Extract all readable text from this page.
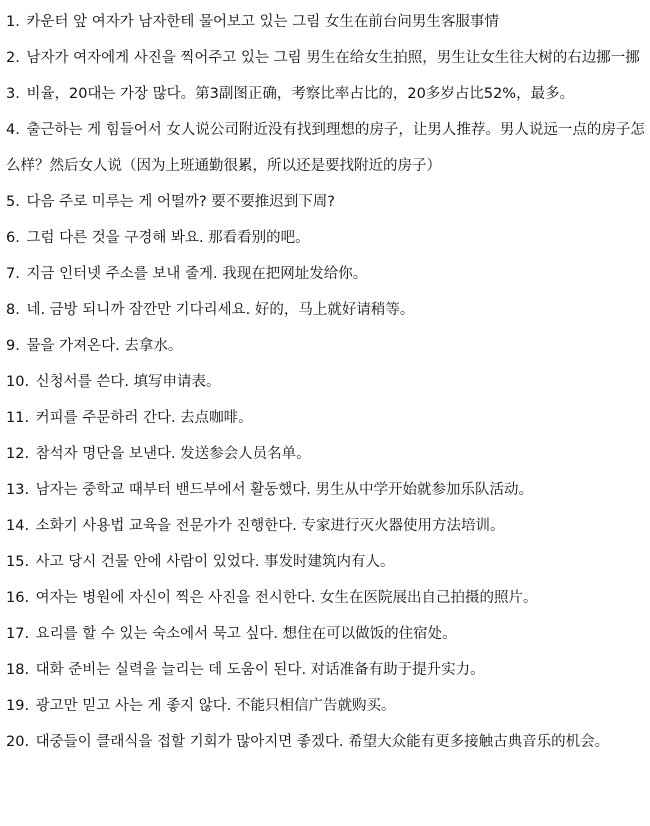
1. 카운터 앞 여자가 남자한테 물어보고 있는 그림 女生在前台问男生客服事情

2. 남자가 여자에게 사진을 찍어주고 있는 그림 男生在给女生拍照，男生让女生往大树的右边挪一挪

3. 비율，20대는 가장 많다。第3副图正确，考察比率占比的，20多岁占比52%，最多。

4. 출근하는 게 힘들어서 女人说公司附近没有找到理想的房子，让男人推荐。男人说远一点的房子怎么样？然后女人说（因为上班通勤很累，所以还是要找附近的房子）

5. 다음 주로 미루는 게 어떨까? 要不要推迟到下周?

6. 그럼 다른 것을 구경해 봐요. 那看看别的吧。

7. 지금 인터넷 주소를 보내 줄게. 我现在把网址发给你。

8. 네. 금방 되니까 잠깐만 기다리세요. 好的，马上就好请稍等。

9. 물을 가져온다. 去拿水。

10. 신청서를 쓴다. 填写申请表。

11. 커피를 주문하러 간다. 去点咖啡。

12. 참석자 명단을 보낸다. 发送参会人员名单。

13. 남자는 중학교 때부터 밴드부에서 활동했다. 男生从中学开始就参加乐队活动。

14. 소화기 사용법 교육을 전문가가 진행한다. 专家进行灭火器使用方法培训。

15. 사고 당시 건물 안에 사람이 있었다. 事发时建筑内有人。

16. 여자는 병원에 자신이 찍은 사진을 전시한다. 女生在医院展出自己拍摄的照片。

17. 요리를 할 수 있는 숙소에서 묵고 싶다. 想住在可以做饭的住宿处。

18. 대화 준비는 실력을 늘리는 데 도움이 된다. 对话准备有助于提升实力。

19. 광고만 믿고 사는 게 좋지 않다. 不能只相信广告就购买。

20. 대중들이 클래식을 접할 기회가 많아지면 좋겠다. 希望大众能有更多接触古典音乐的机会。
